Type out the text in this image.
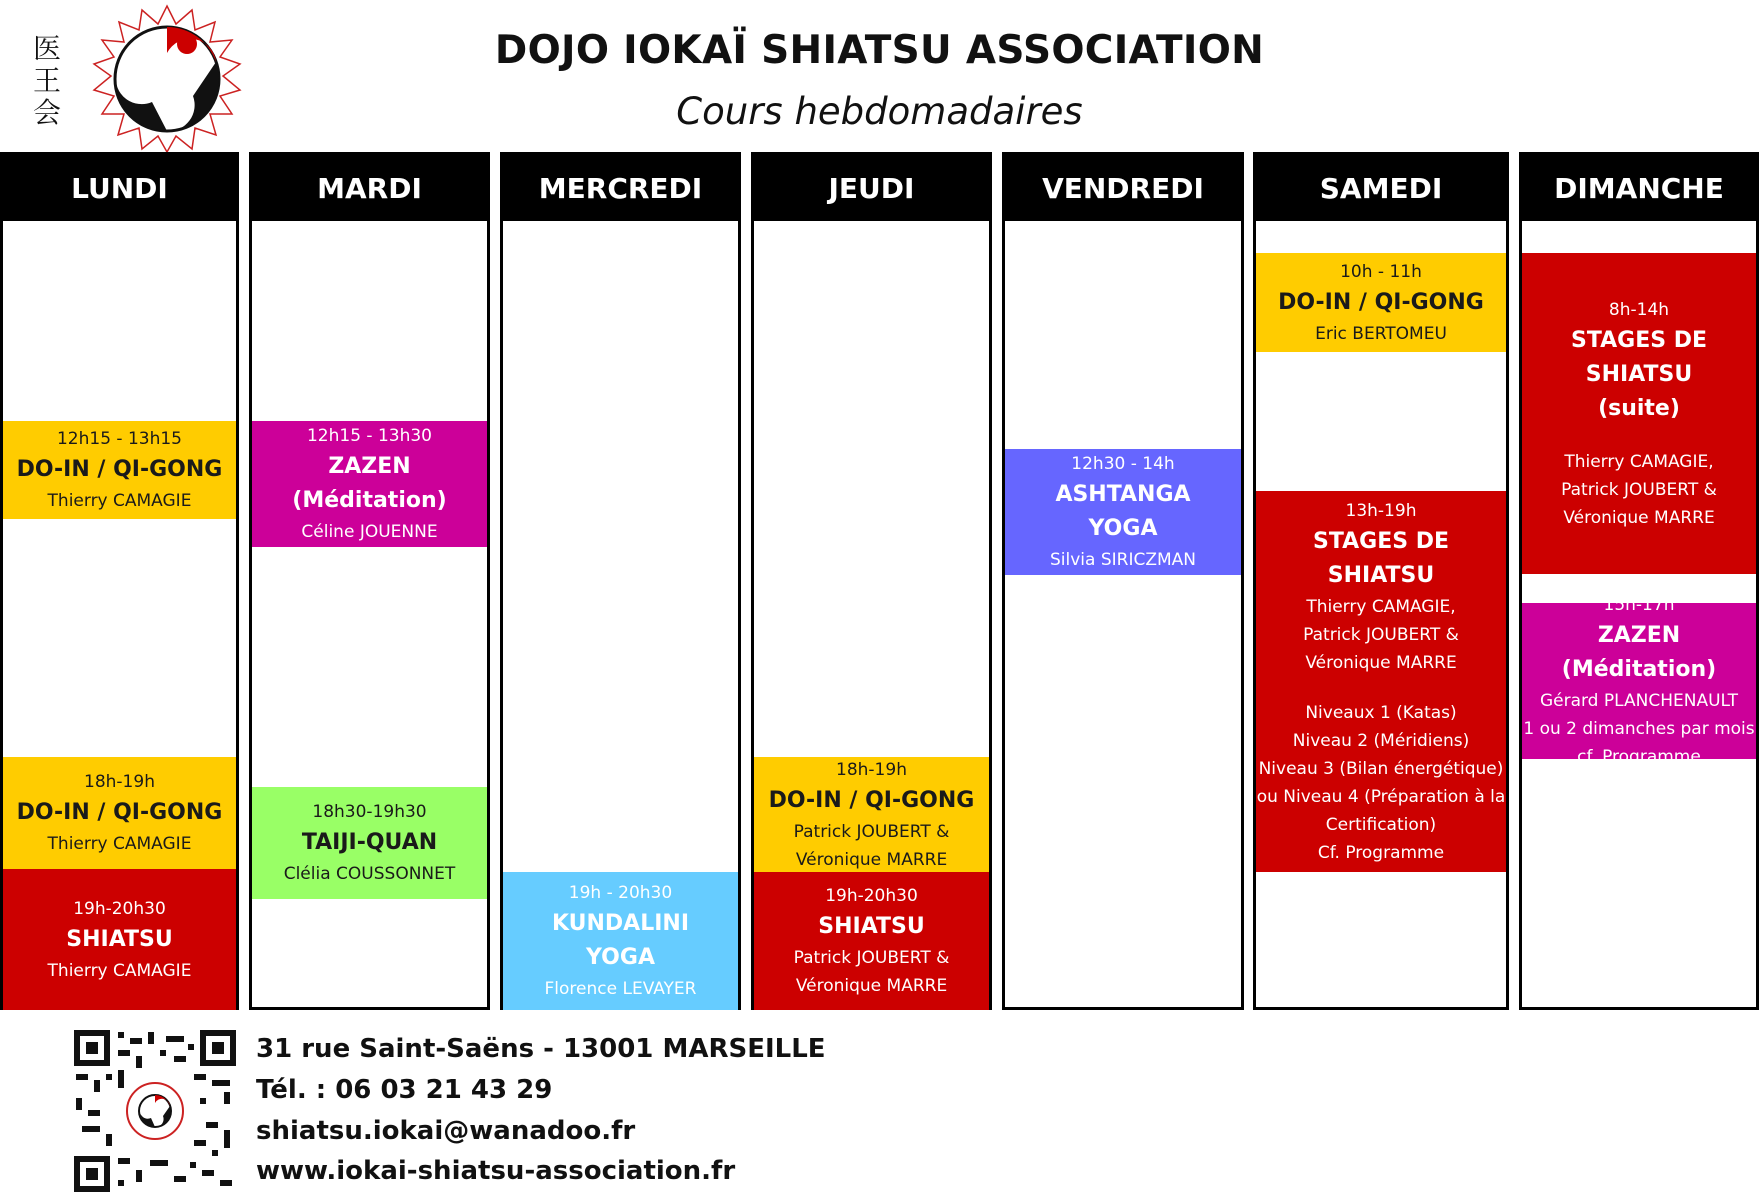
医
王
会
DOJO IOKAÏ SHIATSU ASSOCIATION
Cours hebdomadaires
LUNDI
12h15 - 13h15
DO-IN / QI-GONG
Thierry CAMAGIE
18h-19h
DO-IN / QI-GONG
Thierry CAMAGIE
19h-20h30
SHIATSU
Thierry CAMAGIE
MARDI
12h15 - 13h30
ZAZEN
(Méditation)
Céline JOUENNE
18h30-19h30
TAIJI-QUAN
Clélia COUSSONNET
MERCREDI
19h - 20h30
KUNDALINI
YOGA
Florence LEVAYER
JEUDI
18h-19h
DO-IN / QI-GONG
Patrick JOUBERT &
Véronique MARRE
19h-20h30
SHIATSU
Patrick JOUBERT &
Véronique MARRE
VENDREDI
12h30 - 14h
ASHTANGA
YOGA
Silvia SIRICZMAN
SAMEDI
10h - 11h
DO-IN / QI-GONG
Eric BERTOMEU
13h-19h
STAGES DE
SHIATSU
Thierry CAMAGIE,
Patrick JOUBERT &
Véronique MARRE
Niveaux 1 (Katas)
Niveau 2 (Méridiens)
Niveau 3 (Bilan énergétique)
ou Niveau 4 (Préparation à la
Certification)
Cf. Programme
DIMANCHE
8h-14h
STAGES DE
SHIATSU
(suite)
Thierry CAMAGIE,
Patrick JOUBERT &
Véronique MARRE
15h-17h
ZAZEN (Méditation)
Gérard PLANCHENAULT
1 ou 2 dimanches par mois
cf. Programme
31 rue Saint-Saëns - 13001 MARSEILLE
Tél. : 06 03 21 43 29
shiatsu.iokai@wanadoo.fr
www.iokai-shiatsu-association.fr
